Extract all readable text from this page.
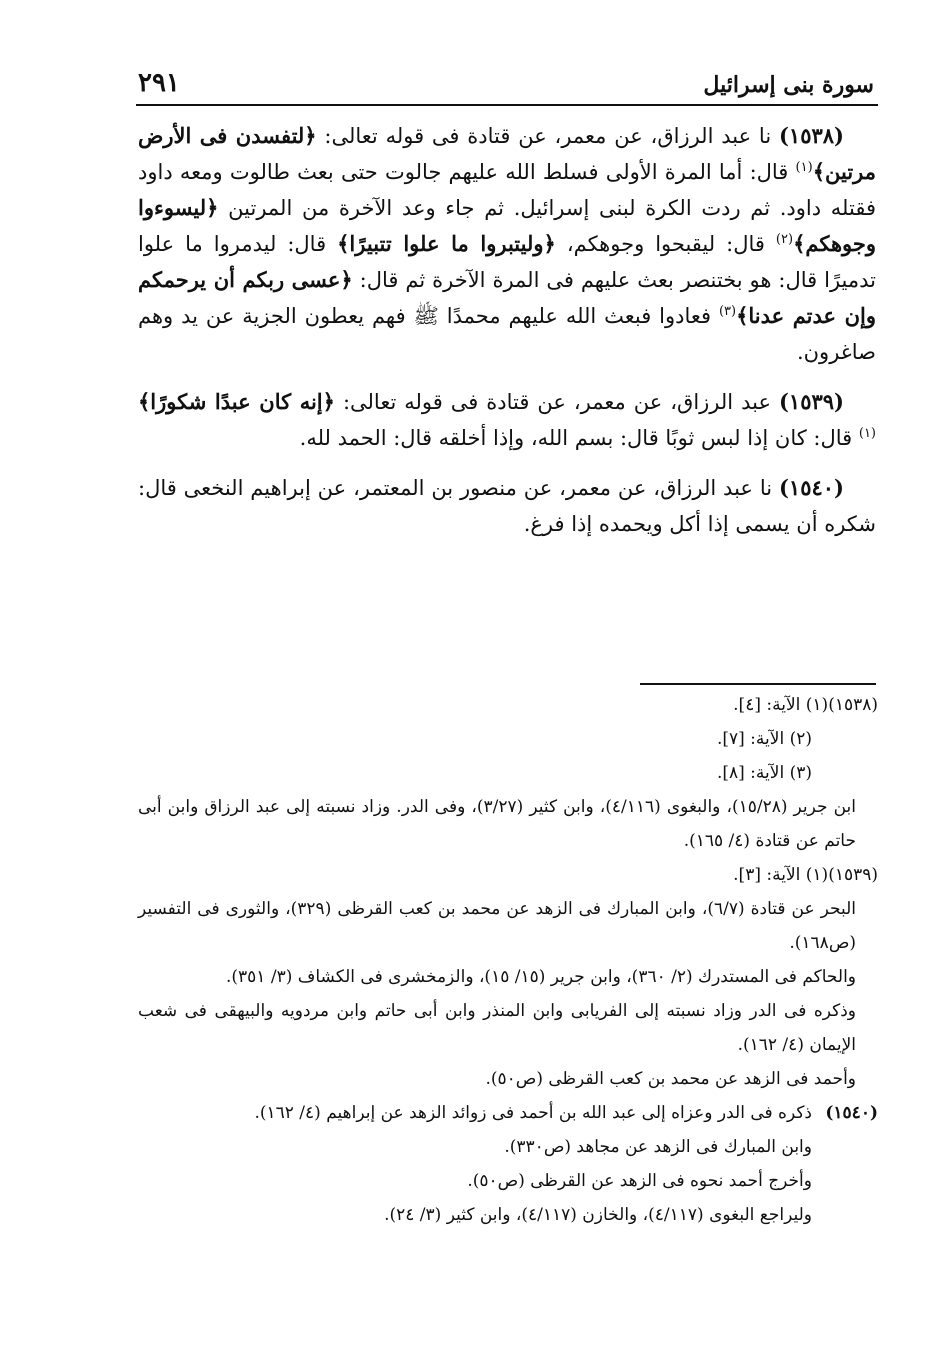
سورة بنى إسرائيل
٢٩١

(١٥٣٨) نا عبد الرزاق، عن معمر، عن قتادة فى قوله تعالى: ﴿لتفسدن فى الأرض مرتين﴾$^{(١)}$ قال: أما المرة الأولى فسلط الله عليهم جالوت حتى بعث طالوت ومعه داود فقتله داود. ثم ردت الكرة لبنى إسرائيل. ثم جاء وعد الآخرة من المرتين ﴿ليسوءوا وجوهكم﴾$^{(٢)}$ قال: ليقبحوا وجوهكم، ﴿وليتبروا ما علوا تتبيرًا﴾ قال: ليدمروا ما علوا تدميرًا قال: هو بختنصر بعث عليهم فى المرة الآخرة ثم قال: ﴿عسى ربكم أن يرحمكم وإن عدتم عدنا﴾$^{(٣)}$ فعادوا فبعث الله عليهم محمدًا ﷺ فهم يعطون الجزية عن يد وهم صاغرون.

(١٥٣٩) عبد الرزاق، عن معمر، عن قتادة فى قوله تعالى: ﴿إنه كان عبدًا شكورًا﴾$^{(١)}$ قال: كان إذا لبس ثوبًا قال: بسم الله، وإذا أخلقه قال: الحمد لله.

(١٥٤٠) نا عبد الرزاق، عن معمر، عن منصور بن المعتمر، عن إبراهيم النخعى قال: شكره أن يسمى إذا أكل ويحمده إذا فرغ.

(١٥٣٨)
(١) الآية: [٤].
(٢) الآية: [٧].
(٣) الآية: [٨].
ابن جرير (١٥/٢٨)، والبغوى (٤/١١٦)، وابن كثير (٣/٢٧)، وفى الدر. وزاد نسبته إلى عبد الرزاق وابن أبى حاتم عن قتادة (٤/ ١٦٥).
(١٥٣٩)
(١) الآية: [٣].
البحر عن قتادة (٦/٧)، وابن المبارك فى الزهد عن محمد بن كعب القرظى (٣٢٩)، والثورى فى التفسير (ص١٦٨).
والحاكم فى المستدرك (٢/ ٣٦٠)، وابن جرير (١٥/ ١٥)، والزمخشرى فى الكشاف (٣/ ٣٥١).
وذكره فى الدر وزاد نسبته إلى الفريابى وابن المنذر وابن أبى حاتم وابن مردويه والبيهقى فى شعب الإيمان (٤/ ١٦٢).
وأحمد فى الزهد عن محمد بن كعب القرظى (ص٥٠).
(١٥٤٠)
ذكره فى الدر وعزاه إلى عبد الله بن أحمد فى زوائد الزهد عن إبراهيم (٤/ ١٦٢).
وابن المبارك فى الزهد عن مجاهد (ص٣٣٠).
وأخرج أحمد نحوه فى الزهد عن القرظى (ص٥٠).
وليراجع البغوى (٤/١١٧)، والخازن (٤/١١٧)، وابن كثير (٣/ ٢٤).
